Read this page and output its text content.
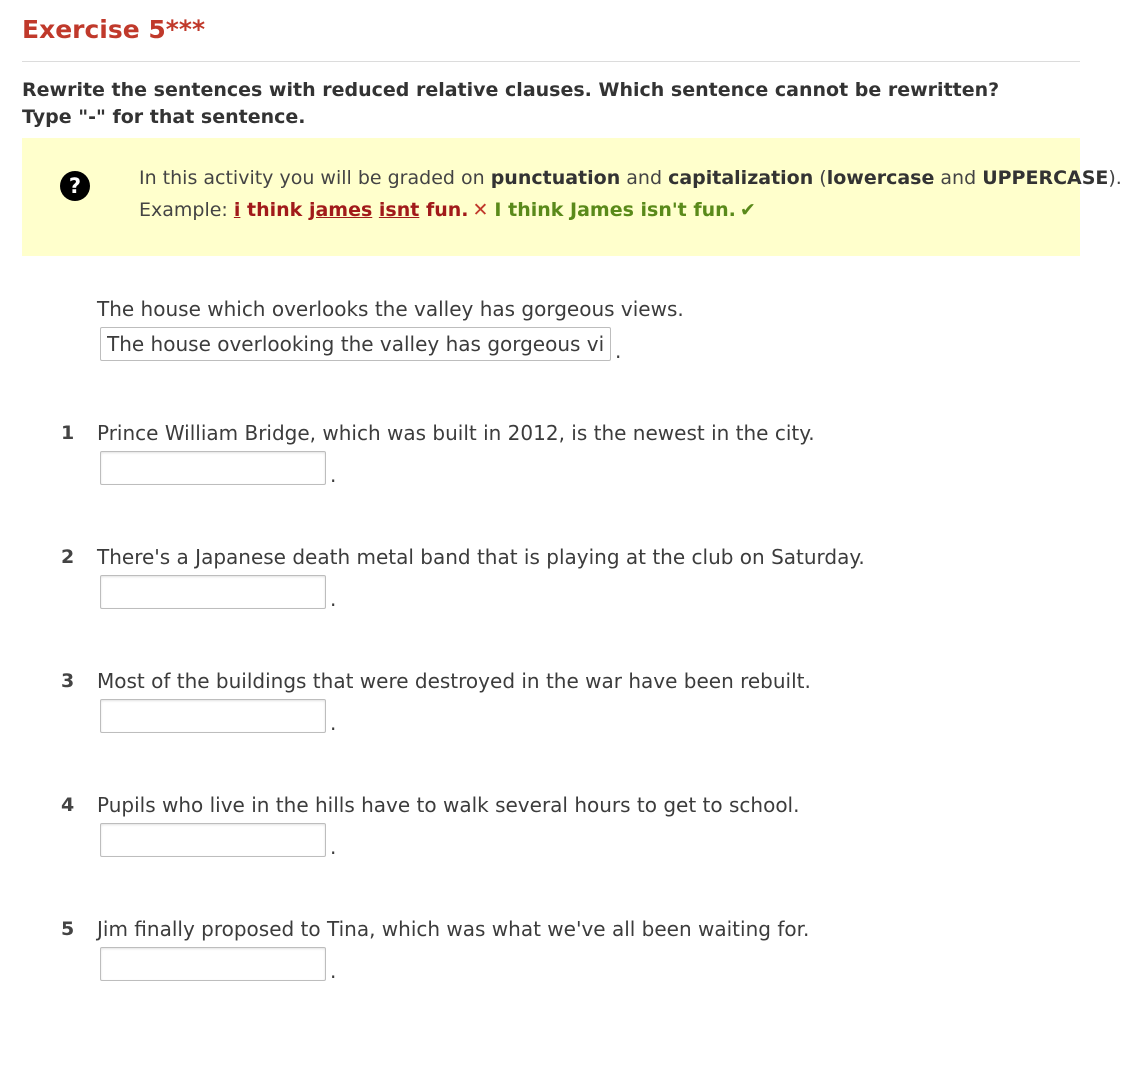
Exercise 5***
Rewrite the sentences with reduced relative clauses. Which sentence cannot be rewritten?
Type "-" for that sentence.
?	In this activity you will be graded on punctuation and capitalization (lowercase and UPPERCASE).
Example: i think james isnt fun. ✕ I think James isn't fun. ✔
The house which overlooks the valley has gorgeous views.
The house overlooking the valley has gorgeous views
.
1 Prince William Bridge, which was built in 2012, is the newest in the city.
.
2 There's a Japanese death metal band that is playing at the club on Saturday.
.
3 Most of the buildings that were destroyed in the war have been rebuilt.
.
4 Pupils who live in the hills have to walk several hours to get to school.
.
5 Jim finally proposed to Tina, which was what we've all been waiting for.
.
